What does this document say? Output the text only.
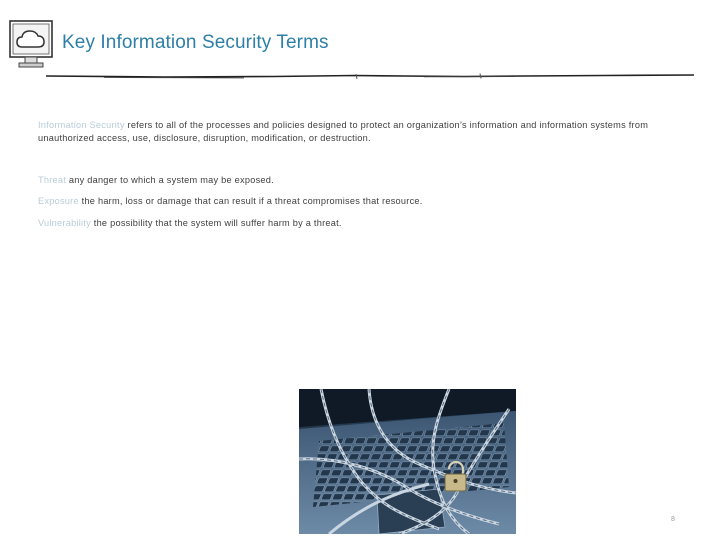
Key Information Security Terms
Information Security refers to all of the processes and policies designed to protect an organization’s information and information systems from unauthorized access, use, disclosure, disruption, modification, or destruction.
Threat any danger to which a system may be exposed.
Exposure the harm, loss or damage that can result if a threat compromises that resource.
Vulnerability the possibility that the system will suffer harm by a threat.
8
